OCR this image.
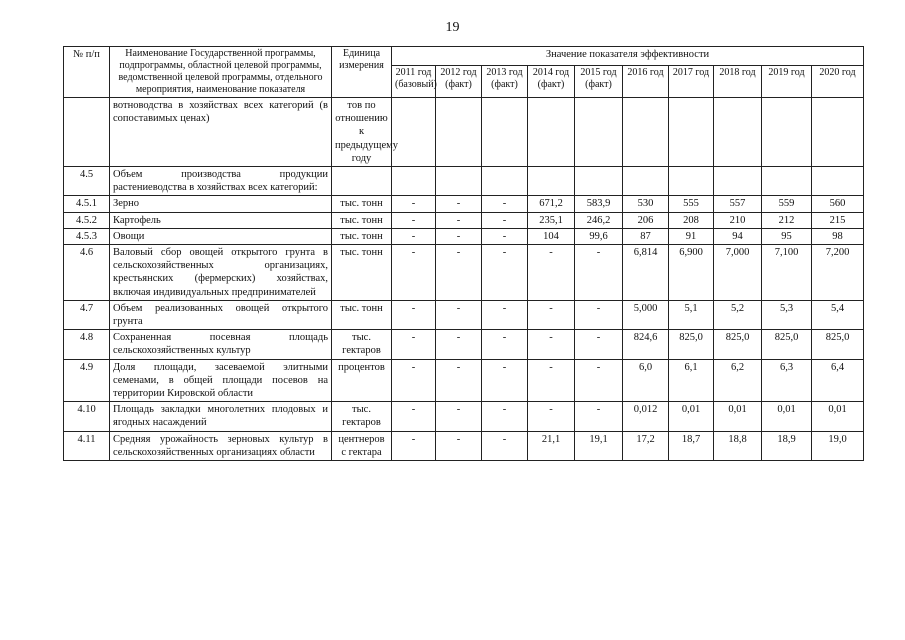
19
№ п/п	Наименование Государственной программы, подпрограммы, областной целевой программы, ведомственной целевой программы, отдельного мероприятия, наименование показателя	Единица измерения	Значение показателя эффективности									
			2011 год (базовый)	2012 год (факт)	2013 год (факт)	2014 год (факт)	2015 год (факт)	2016 год	2017 год	2018 год	2019 год	2020 год
	вотноводства в хозяйствах всех категорий (в сопоставимых ценах)	тов по отношению к предыдущему году										
4.5	Объем производства продукции растениеводства в хозяйствах всех категорий:											
4.5.1	Зерно	тыс. тонн	-	-	-	671,2	583,9	530	555	557	559	560
4.5.2	Картофель	тыс. тонн	-	-	-	235,1	246,2	206	208	210	212	215
4.5.3	Овощи	тыс. тонн	-	-	-	104	99,6	87	91	94	95	98
4.6	Валовый сбор овощей открытого грунта в сельскохозяйственных организациях, крестьянских (фермерских) хозяйствах, включая индивидуальных предпринимателей	тыс. тонн	-	-	-	-	-	6,814	6,900	7,000	7,100	7,200
4.7	Объем реализованных овощей открытого грунта	тыс. тонн	-	-	-	-	-	5,000	5,1	5,2	5,3	5,4
4.8	Сохраненная посевная площадь сельскохозяйственных культур	тыс. гектаров	-	-	-	-	-	824,6	825,0	825,0	825,0	825,0
4.9	Доля площади, засеваемой элитными семенами, в общей площади посевов на территории Кировской области	процентов	-	-	-	-	-	6,0	6,1	6,2	6,3	6,4
4.10	Площадь закладки многолетних плодовых и ягодных насаждений	тыс. гектаров	-	-	-	-	-	0,012	0,01	0,01	0,01	0,01
4.11	Средняя урожайность зерновых культур в сельскохозяйственных организациях области	центнеров с гектара	-	-	-	21,1	19,1	17,2	18,7	18,8	18,9	19,0
